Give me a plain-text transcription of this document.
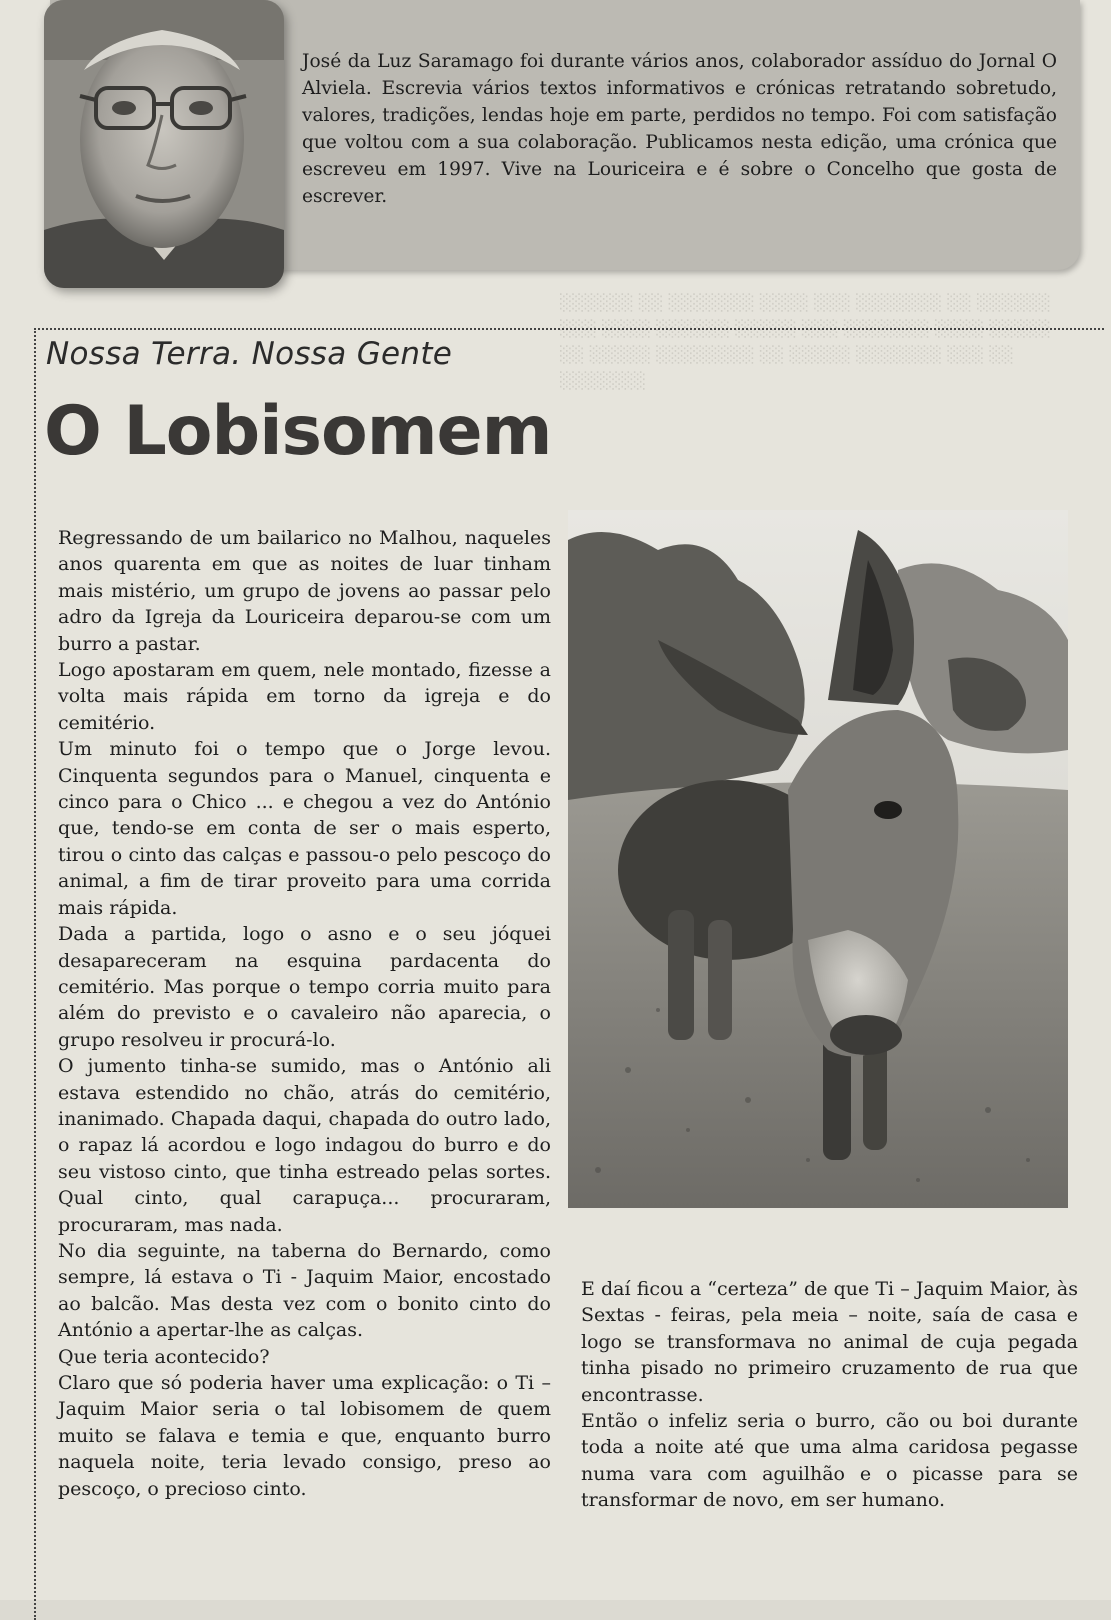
░░░░░░ ░░ ░░░░░░░ ░░░░ ░░░ ░░░░░░░ ░░ ░░░░░░ ░░░ ░░░░ ░░░░░░ ░░░░░ ░░░ ░░░░░░░ ░░░░ ░░░░░ ░░ ░░░░░ ░░░░░░░░ ░░ ░░░░░ ░░░░░░░ ░░░ ░░ ░░░░░░░
José da Luz Saramago foi durante vários anos, colaborador assíduo do Jornal O Alviela. Escrevia vários textos informativos e crónicas retratando sobretudo, valores, tradições, lendas hoje em parte, perdidos no tempo. Foi com satisfação que voltou com a sua colaboração. Publicamos nesta edição, uma crónica que escreveu em 1997. Vive na Louriceira e é sobre o Concelho que gosta de escrever.
Nossa Terra. Nossa Gente
O Lobisomem

Regressando de um bailarico no Malhou, naqueles anos quarenta em que as noites de luar tinham mais mistério, um grupo de jovens ao passar pelo adro da Igreja da Louriceira deparou-se com um burro a pastar.

Logo apostaram em quem, nele montado, fizesse a volta mais rápida em torno da igreja e do cemitério.

Um minuto foi o tempo que o Jorge levou. Cinquenta segundos para o Manuel, cinquenta e cinco para o Chico ... e chegou a vez do António que, tendo-se em conta de ser o mais esperto, tirou o cinto das calças e passou-o pelo pescoço do animal, a fim de tirar proveito para uma corrida mais rápida.

Dada a partida, logo o asno e o seu jóquei desapareceram na esquina pardacenta do cemitério. Mas porque o tempo corria muito para além do previsto e o cavaleiro não aparecia, o grupo resolveu ir procurá-lo.

O jumento tinha-se sumido, mas o António ali estava estendido no chão, atrás do cemitério, inanimado. Chapada daqui, chapada do outro lado, o rapaz lá acordou e logo indagou do burro e do seu vistoso cinto, que tinha estreado pelas sortes. Qual cinto, qual carapuça... procuraram, procuraram, mas nada.

No dia seguinte, na taberna do Bernardo, como sempre, lá estava o Ti - Jaquim Maior, encostado ao balcão. Mas desta vez com o bonito cinto do António a apertar-lhe as calças.

Que teria acontecido?

Claro que só poderia haver uma explicação: o Ti – Jaquim Maior seria o tal lobisomem de quem muito se falava e temia e que, enquanto burro naquela noite, teria levado consigo, preso ao pescoço, o precioso cinto.

E daí ficou a “certeza” de que Ti – Jaquim Maior, às Sextas - feiras, pela meia – noite, saía de casa e logo se transformava no animal de cuja pegada tinha pisado no primeiro cruzamento de rua que encontrasse.

Então o infeliz seria o burro, cão ou boi durante toda a noite até que uma alma caridosa pegasse numa vara com aguilhão e o picasse para se transformar de novo, em ser humano.
